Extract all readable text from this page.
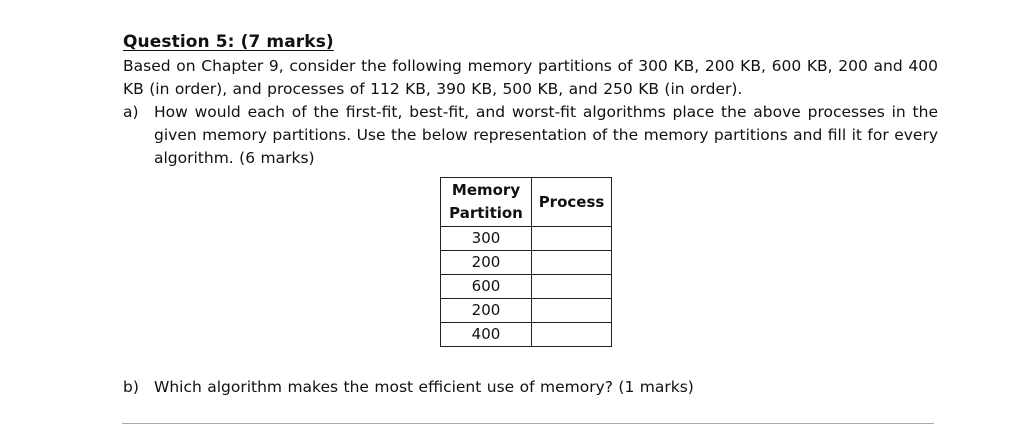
Question 5: (7 marks)

Based on Chapter 9, consider the following memory partitions of 300 KB, 200 KB, 600 KB, 200 and 400 KB (in order), and processes of 112 KB, 390 KB, 500 KB, and 250 KB (in order).

a) How would each of the first-fit, best-fit, and worst-fit algorithms place the above processes in the given memory partitions. Use the below representation of the memory partitions and fill it for every algorithm. (6 marks)
Memory
Partition	Process
300	
200	
600	
200	
400	
b) Which algorithm makes the most efficient use of memory? (1 marks)
